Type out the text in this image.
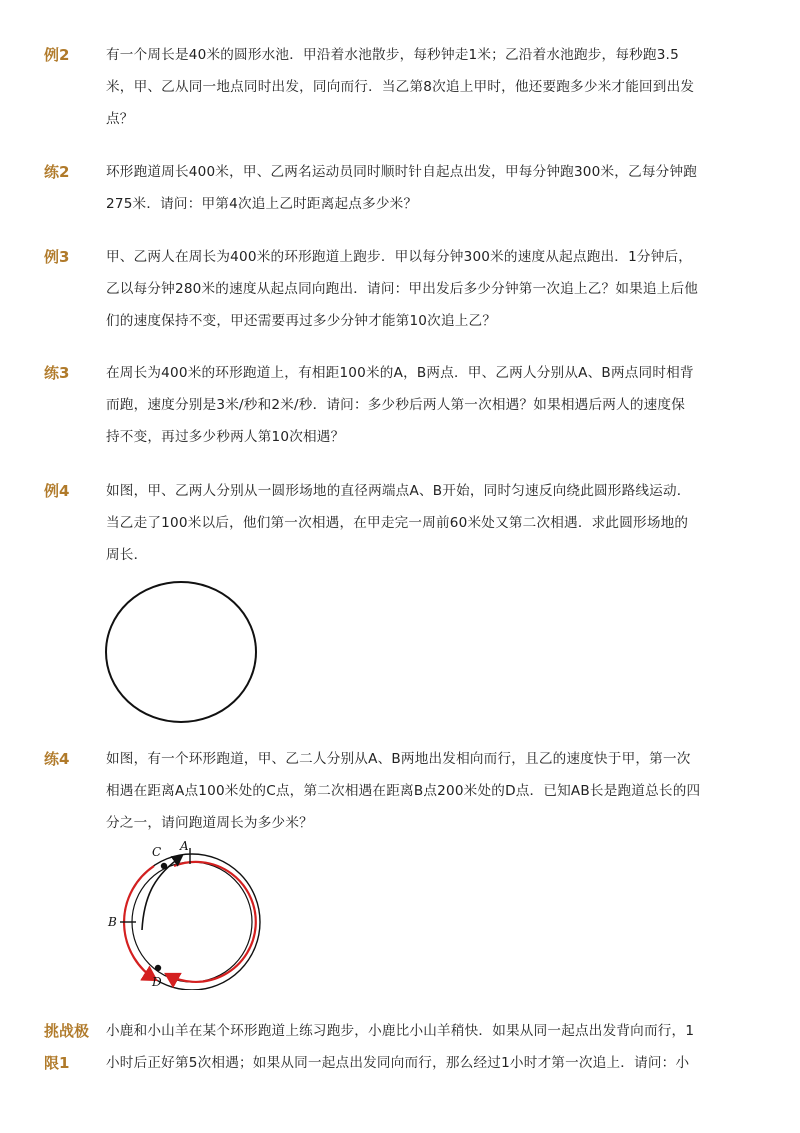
例2	有一个周长是40米的圆形水池．甲沿着水池散步，每秒钟走1米；乙沿着水池跑步，每秒跑3.5
米，甲、乙从同一地点同时出发，同向而行．当乙第8次追上甲时，他还要跑多少米才能回到出发
点？
练2	环形跑道周长400米，甲、乙两名运动员同时顺时针自起点出发，甲每分钟跑300米，乙每分钟跑
275米．请问：甲第4次追上乙时距离起点多少米？
例3	甲、乙两人在周长为400米的环形跑道上跑步．甲以每分钟300米的速度从起点跑出．1分钟后，
乙以每分钟280米的速度从起点同向跑出．请问：甲出发后多少分钟第一次追上乙？如果追上后他
们的速度保持不变，甲还需要再过多少分钟才能第10次追上乙？
练3	在周长为400米的环形跑道上，有相距100米的A，B两点．甲、乙两人分别从A、B两点同时相背
而跑，速度分别是3米/秒和2米/秒．请问：多少秒后两人第一次相遇？如果相遇后两人的速度保
持不变，再过多少秒两人第10次相遇？
例4	如图，甲、乙两人分别从一圆形场地的直径两端点A、B开始，同时匀速反向绕此圆形路线运动．
当乙走了100米以后，他们第一次相遇，在甲走完一周前60米处又第二次相遇．求此圆形场地的
周长．
练4	如图，有一个环形跑道，甲、乙二人分别从A、B两地出发相向而行，且乙的速度快于甲，第一次
相遇在距离A点100米处的C点，第二次相遇在距离B点200米处的D点．已知AB长是跑道总长的四
分之一，请问跑道周长为多少米？
A
C
B
D
挑战极
限1
小鹿和小山羊在某个环形跑道上练习跑步，小鹿比小山羊稍快．如果从同一起点出发背向而行，1
小时后正好第5次相遇；如果从同一起点出发同向而行，那么经过1小时才第一次追上．请问：小
